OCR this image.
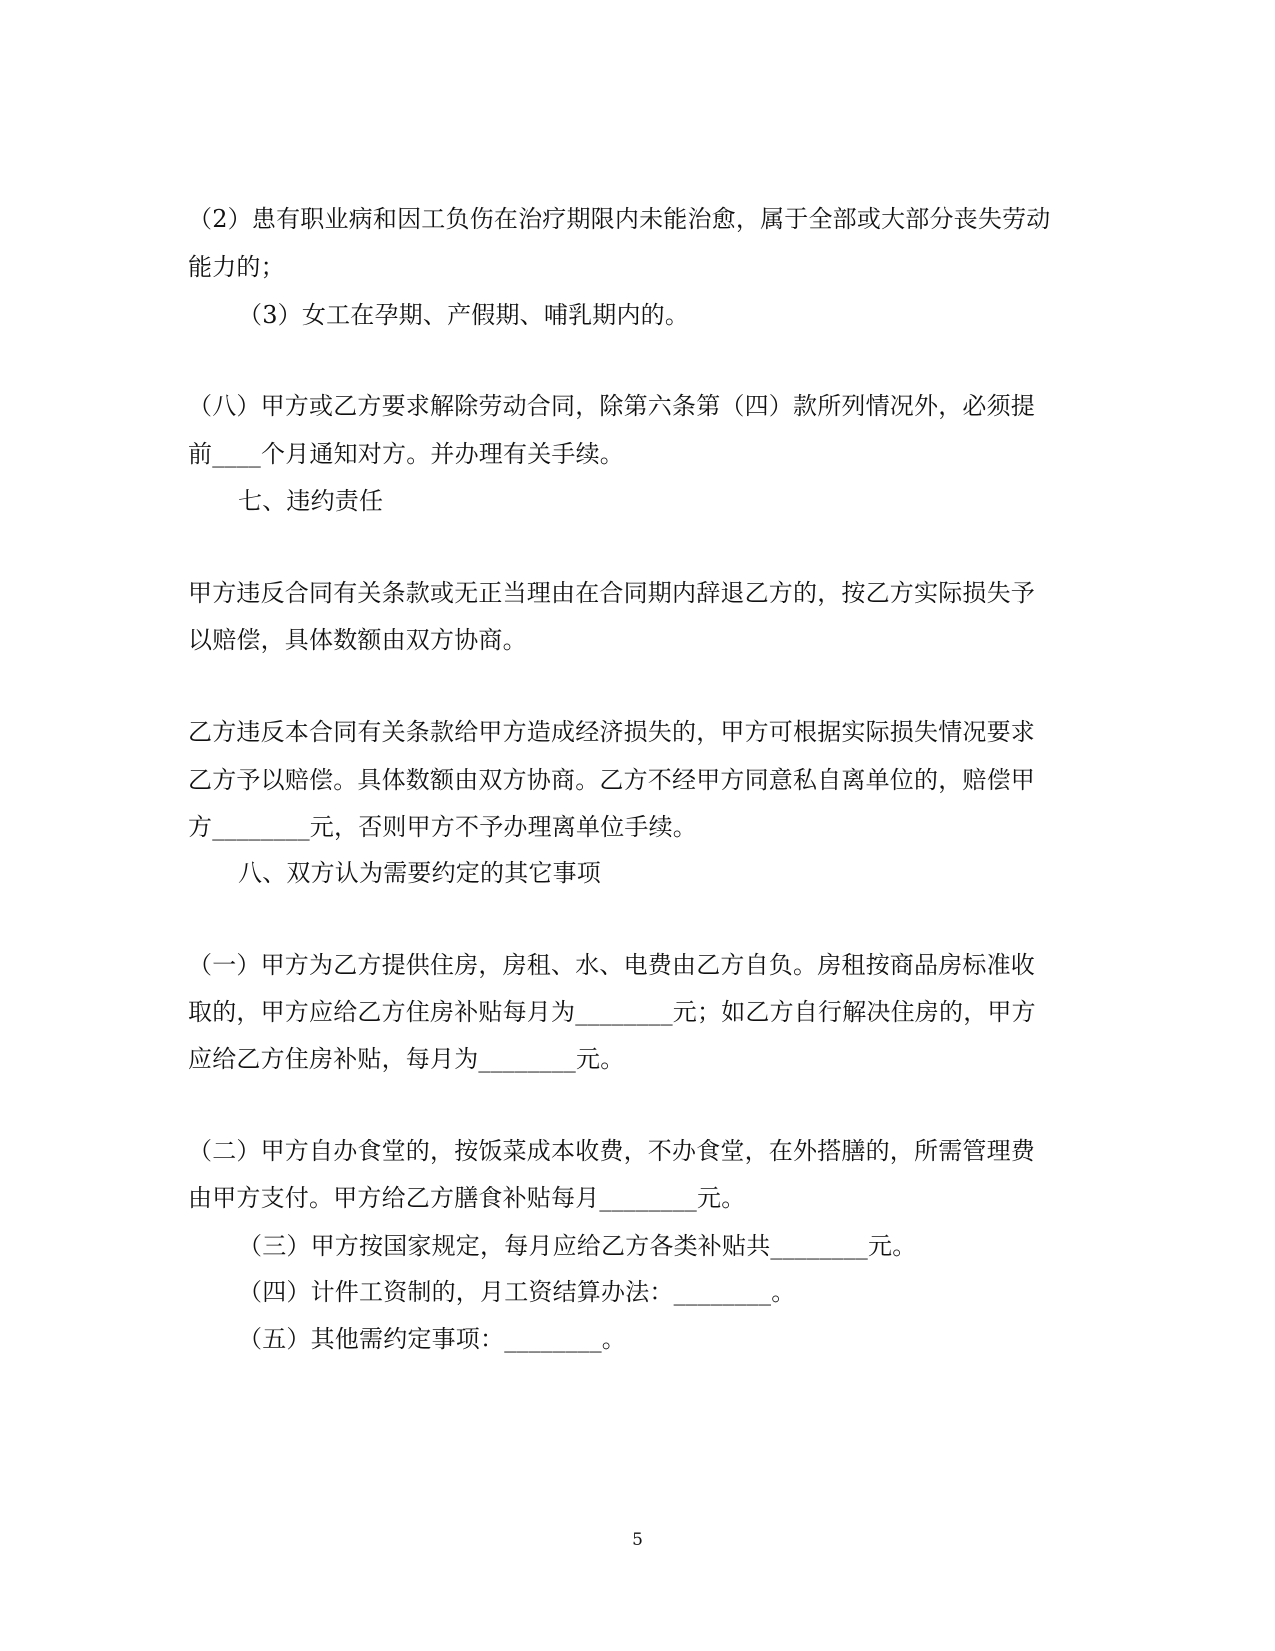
（2）患有职业病和因工负伤在治疗期限内未能治愈，属于全部或大部分丧失劳动
能力的；
（3）女工在孕期、产假期、哺乳期内的。
（八）甲方或乙方要求解除劳动合同，除第六条第（四）款所列情况外，必须提
前____个月通知对方。并办理有关手续。
七、违约责任
甲方违反合同有关条款或无正当理由在合同期内辞退乙方的，按乙方实际损失予
以赔偿，具体数额由双方协商。
乙方违反本合同有关条款给甲方造成经济损失的，甲方可根据实际损失情况要求
乙方予以赔偿。具体数额由双方协商。乙方不经甲方同意私自离单位的，赔偿甲
方________元，否则甲方不予办理离单位手续。
八、双方认为需要约定的其它事项
（一）甲方为乙方提供住房，房租、水、电费由乙方自负。房租按商品房标准收
取的，甲方应给乙方住房补贴每月为________元；如乙方自行解决住房的，甲方
应给乙方住房补贴，每月为________元。
（二）甲方自办食堂的，按饭菜成本收费，不办食堂，在外搭膳的，所需管理费
由甲方支付。甲方给乙方膳食补贴每月________元。
（三）甲方按国家规定，每月应给乙方各类补贴共________元。
（四）计件工资制的，月工资结算办法：________。
（五）其他需约定事项：________。
5
